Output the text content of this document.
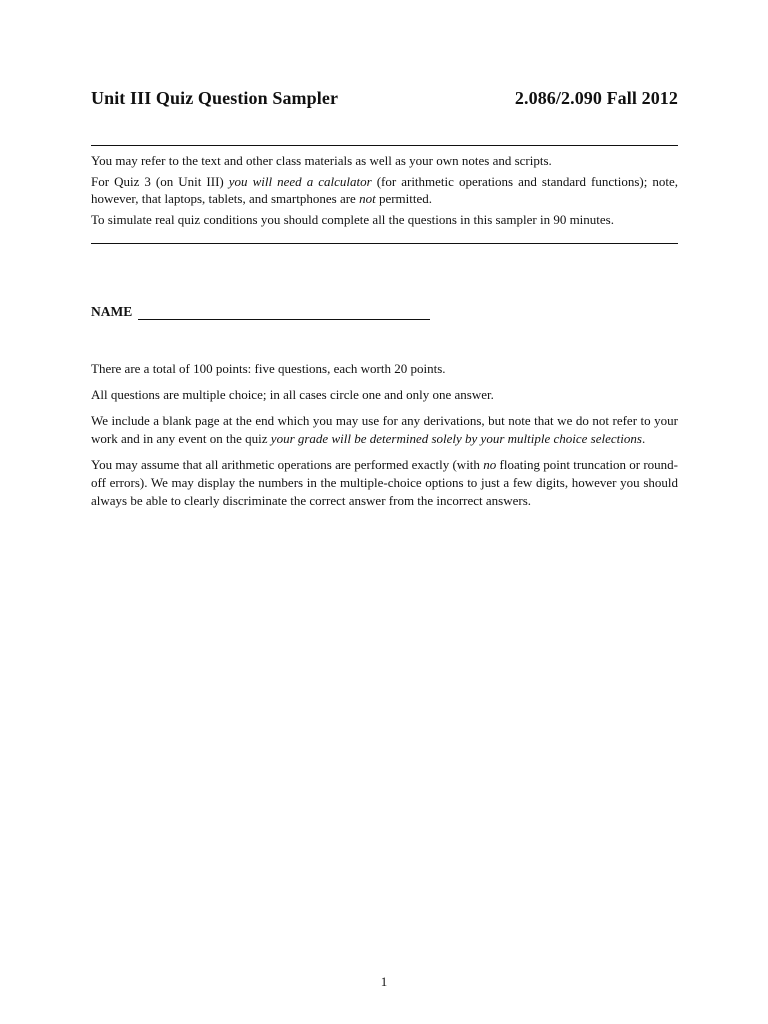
Unit III Quiz Question Sampler	2.086/2.090 Fall 2012

You may refer to the text and other class materials as well as your own notes and scripts.

For Quiz 3 (on Unit III) you will need a calculator (for arithmetic operations and standard functions); note, however, that laptops, tablets, and smartphones are not permitted.

To simulate real quiz conditions you should complete all the questions in this sampler in 90 minutes.

NAME

There are a total of 100 points: five questions, each worth 20 points.

All questions are multiple choice; in all cases circle one and only one answer.

We include a blank page at the end which you may use for any derivations, but note that we do not refer to your work and in any event on the quiz your grade will be determined solely by your multiple choice selections.

You may assume that all arithmetic operations are performed exactly (with no floating point truncation or round-off errors). We may display the numbers in the multiple-choice options to just a few digits, however you should always be able to clearly discriminate the correct answer from the incorrect answers.

1
